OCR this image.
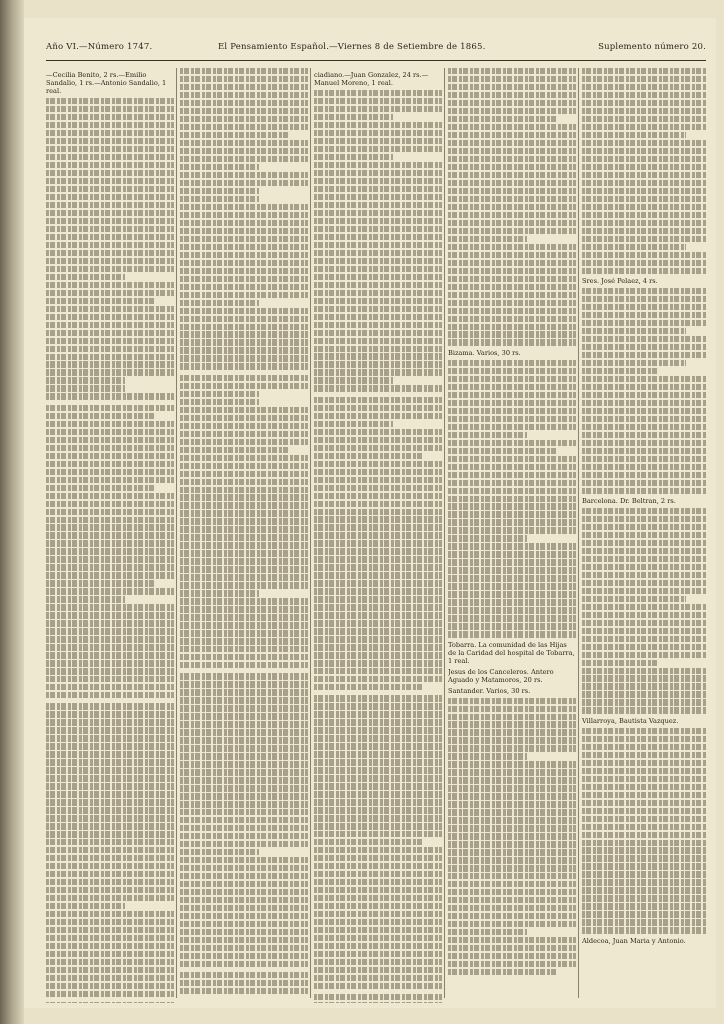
Año VI.—Número 1747.	El Pensamiento Español.—Viernes 8 de Setiembre de 1865.	Suplemento número 20.
—Cecilia Benito, 2 rs.—Emilio Sandalio, 1 rs.—Antonio Sandalio, 1 real.
ciadiano.—Juan Gonzalez, 24 rs.—Manuel Moreno, 1 real.
Bizama. Varios, 30 rs.
Tobarra. La comunidad de las Hijas de la Caridad del hospital de Tobarra, 1 real.
Jesus de los Canceleros. Antero Aguado y Matamoros, 20 rs.
Santander. Varios, 30 rs.
Sres. José Pelaez, 4 rs.
Barcelona. Dr. Beltran, 2 rs.
Villarroya, Bautista Vazquez.
Aldecoa, Juan Maria y Antonio.
